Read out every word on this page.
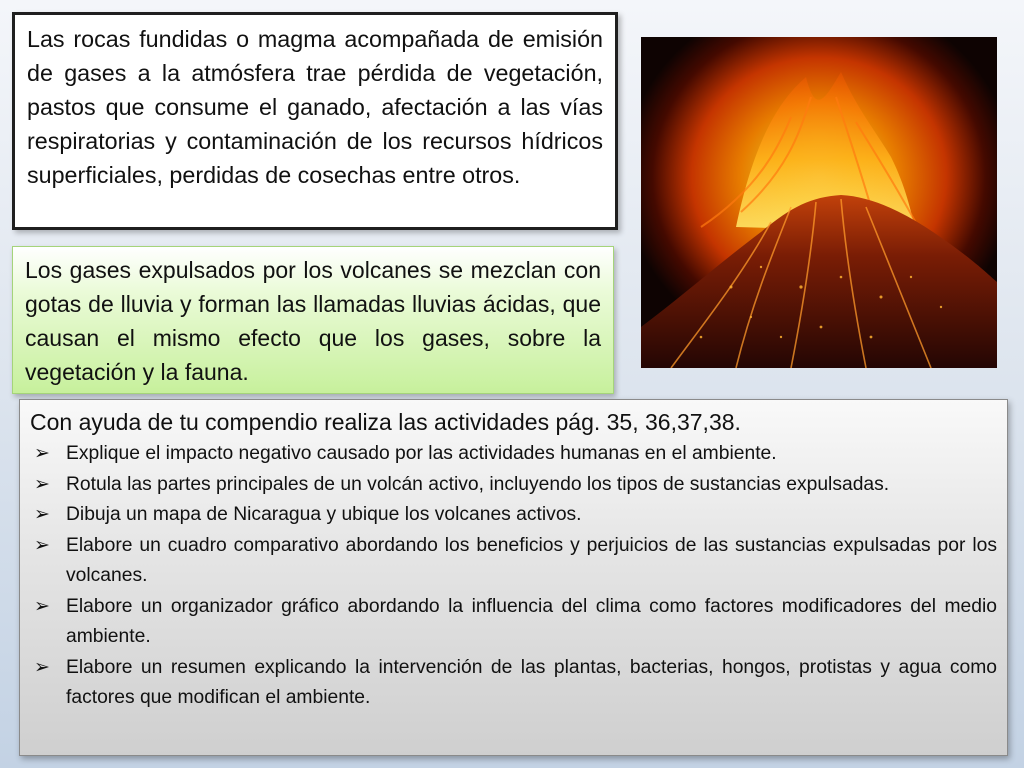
Las rocas fundidas o magma acompañada de emisión de gases a la atmósfera trae pérdida de vegetación, pastos que consume el ganado, afectación a las vías respiratorias y contaminación de los recursos hídricos superficiales, perdidas de cosechas entre otros.

Los gases expulsados por los volcanes se mezclan con gotas de lluvia y forman las llamadas lluvias ácidas, que causan el mismo efecto que los gases, sobre la vegetación y la fauna.

Con ayuda de tu compendio realiza las actividades pág. 35, 36,37,38.

➢ Explique el impacto negativo causado por las actividades humanas en el ambiente.
➢ Rotula las partes principales de un volcán activo, incluyendo los tipos de sustancias expulsadas.
➢ Dibuja un mapa de Nicaragua y ubique los volcanes activos.
➢ Elabore un cuadro comparativo abordando los beneficios y perjuicios de las sustancias expulsadas por los volcanes.
➢ Elabore un organizador gráfico abordando la influencia del clima como factores modificadores del medio ambiente.
➢ Elabore un resumen explicando la intervención de las plantas, bacterias, hongos, protistas y agua como factores que modifican el ambiente.
